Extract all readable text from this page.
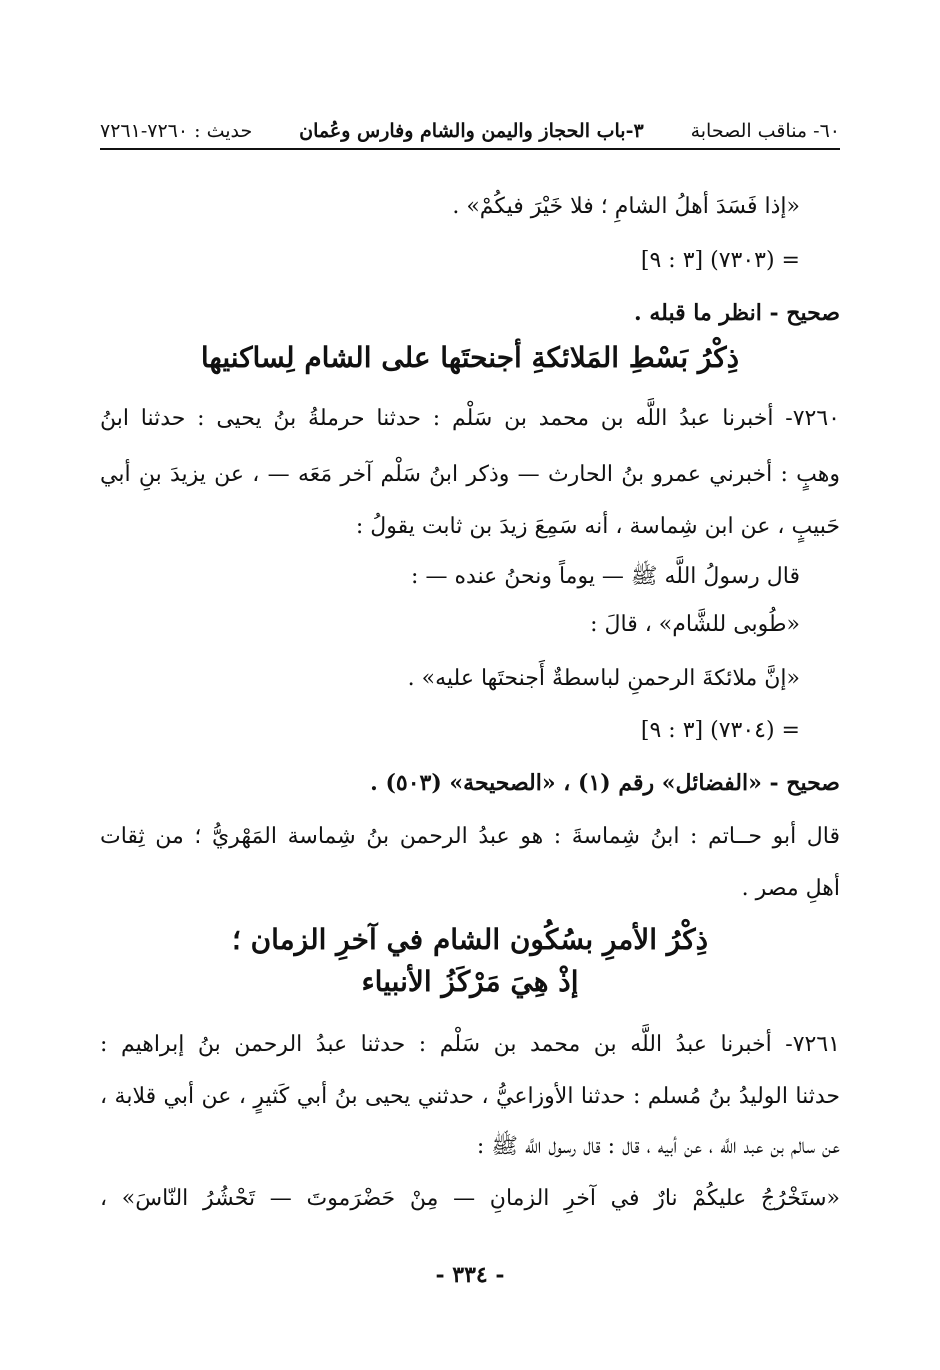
٦٠- مناقب الصحابة
٣-باب الحجاز واليمن والشام وفارس وعُمان
حديث : ٧٢٦٠-٧٢٦١
«إذا فَسَدَ أهلُ الشامِ ؛ فلا خَيْرَ فيكُمْ» .
= (٧٣٠٣) [٣ : ٩]
صحيح - انظر ما قبله .
ذِكْرُ بَسْطِ المَلائكةِ أجنحتَها على الشام لِساكنيها
٧٢٦٠- أخبرنا عبدُ اللَّه بن محمد بن سَلْم : حدثنا حرملةُ بنُ يحيى : حدثنا ابنُ
وهبٍ : أخبرني عمرو بنُ الحارث — وذكر ابنُ سَلْم آخر مَعَه — ، عن يزيدَ بنِ أبي
حَبيبٍ ، عن ابن شِماسة ، أنه سَمِعَ زيدَ بن ثابت يقولُ :
قال رسولُ اللَّه ﷺ — يوماً ونحنُ عنده — :
«طُوبى للشَّام» ، قالَ :
«إنَّ ملائكةَ الرحمنِ لباسطةٌ أَجنحتَها عليه» .
= (٧٣٠٤) [٣ : ٩]
صحيح - «الفضائل» رقم (١) ، «الصحيحة» (٥٠٣) .
قال أبو حــاتم : ابنُ شِماسةَ : هو عبدُ الرحمن بنُ شِماسة المَهْريُّ ؛ من ثِقات
أهلِ مصر .
ذِكْرُ الأمرِ بسُكُون الشام في آخرِ الزمان ؛
إذْ هِيَ مَرْكَزُ الأنبياء
٧٢٦١- أخبرنا عبدُ اللَّه بن محمد بن سَلْم : حدثنا عبدُ الرحمن بنُ إبراهيم :
حدثنا الوليدُ بنُ مُسلم : حدثنا الأوزاعيُّ ، حدثني يحيى بنُ أبي كَثيرٍ ، عن أبي قلابة ،
عن سالم بن عبد اللَّه ، عن أبيه ، قال : قال رسول اللَّه ﷺ :
«ستَخْرُجُ عليكُمْ نارٌ في آخرِ الزمانِ — مِنْ حَضْرَموتَ — تَحْشُرُ النّاسَ» ،
- ٣٣٤ -
